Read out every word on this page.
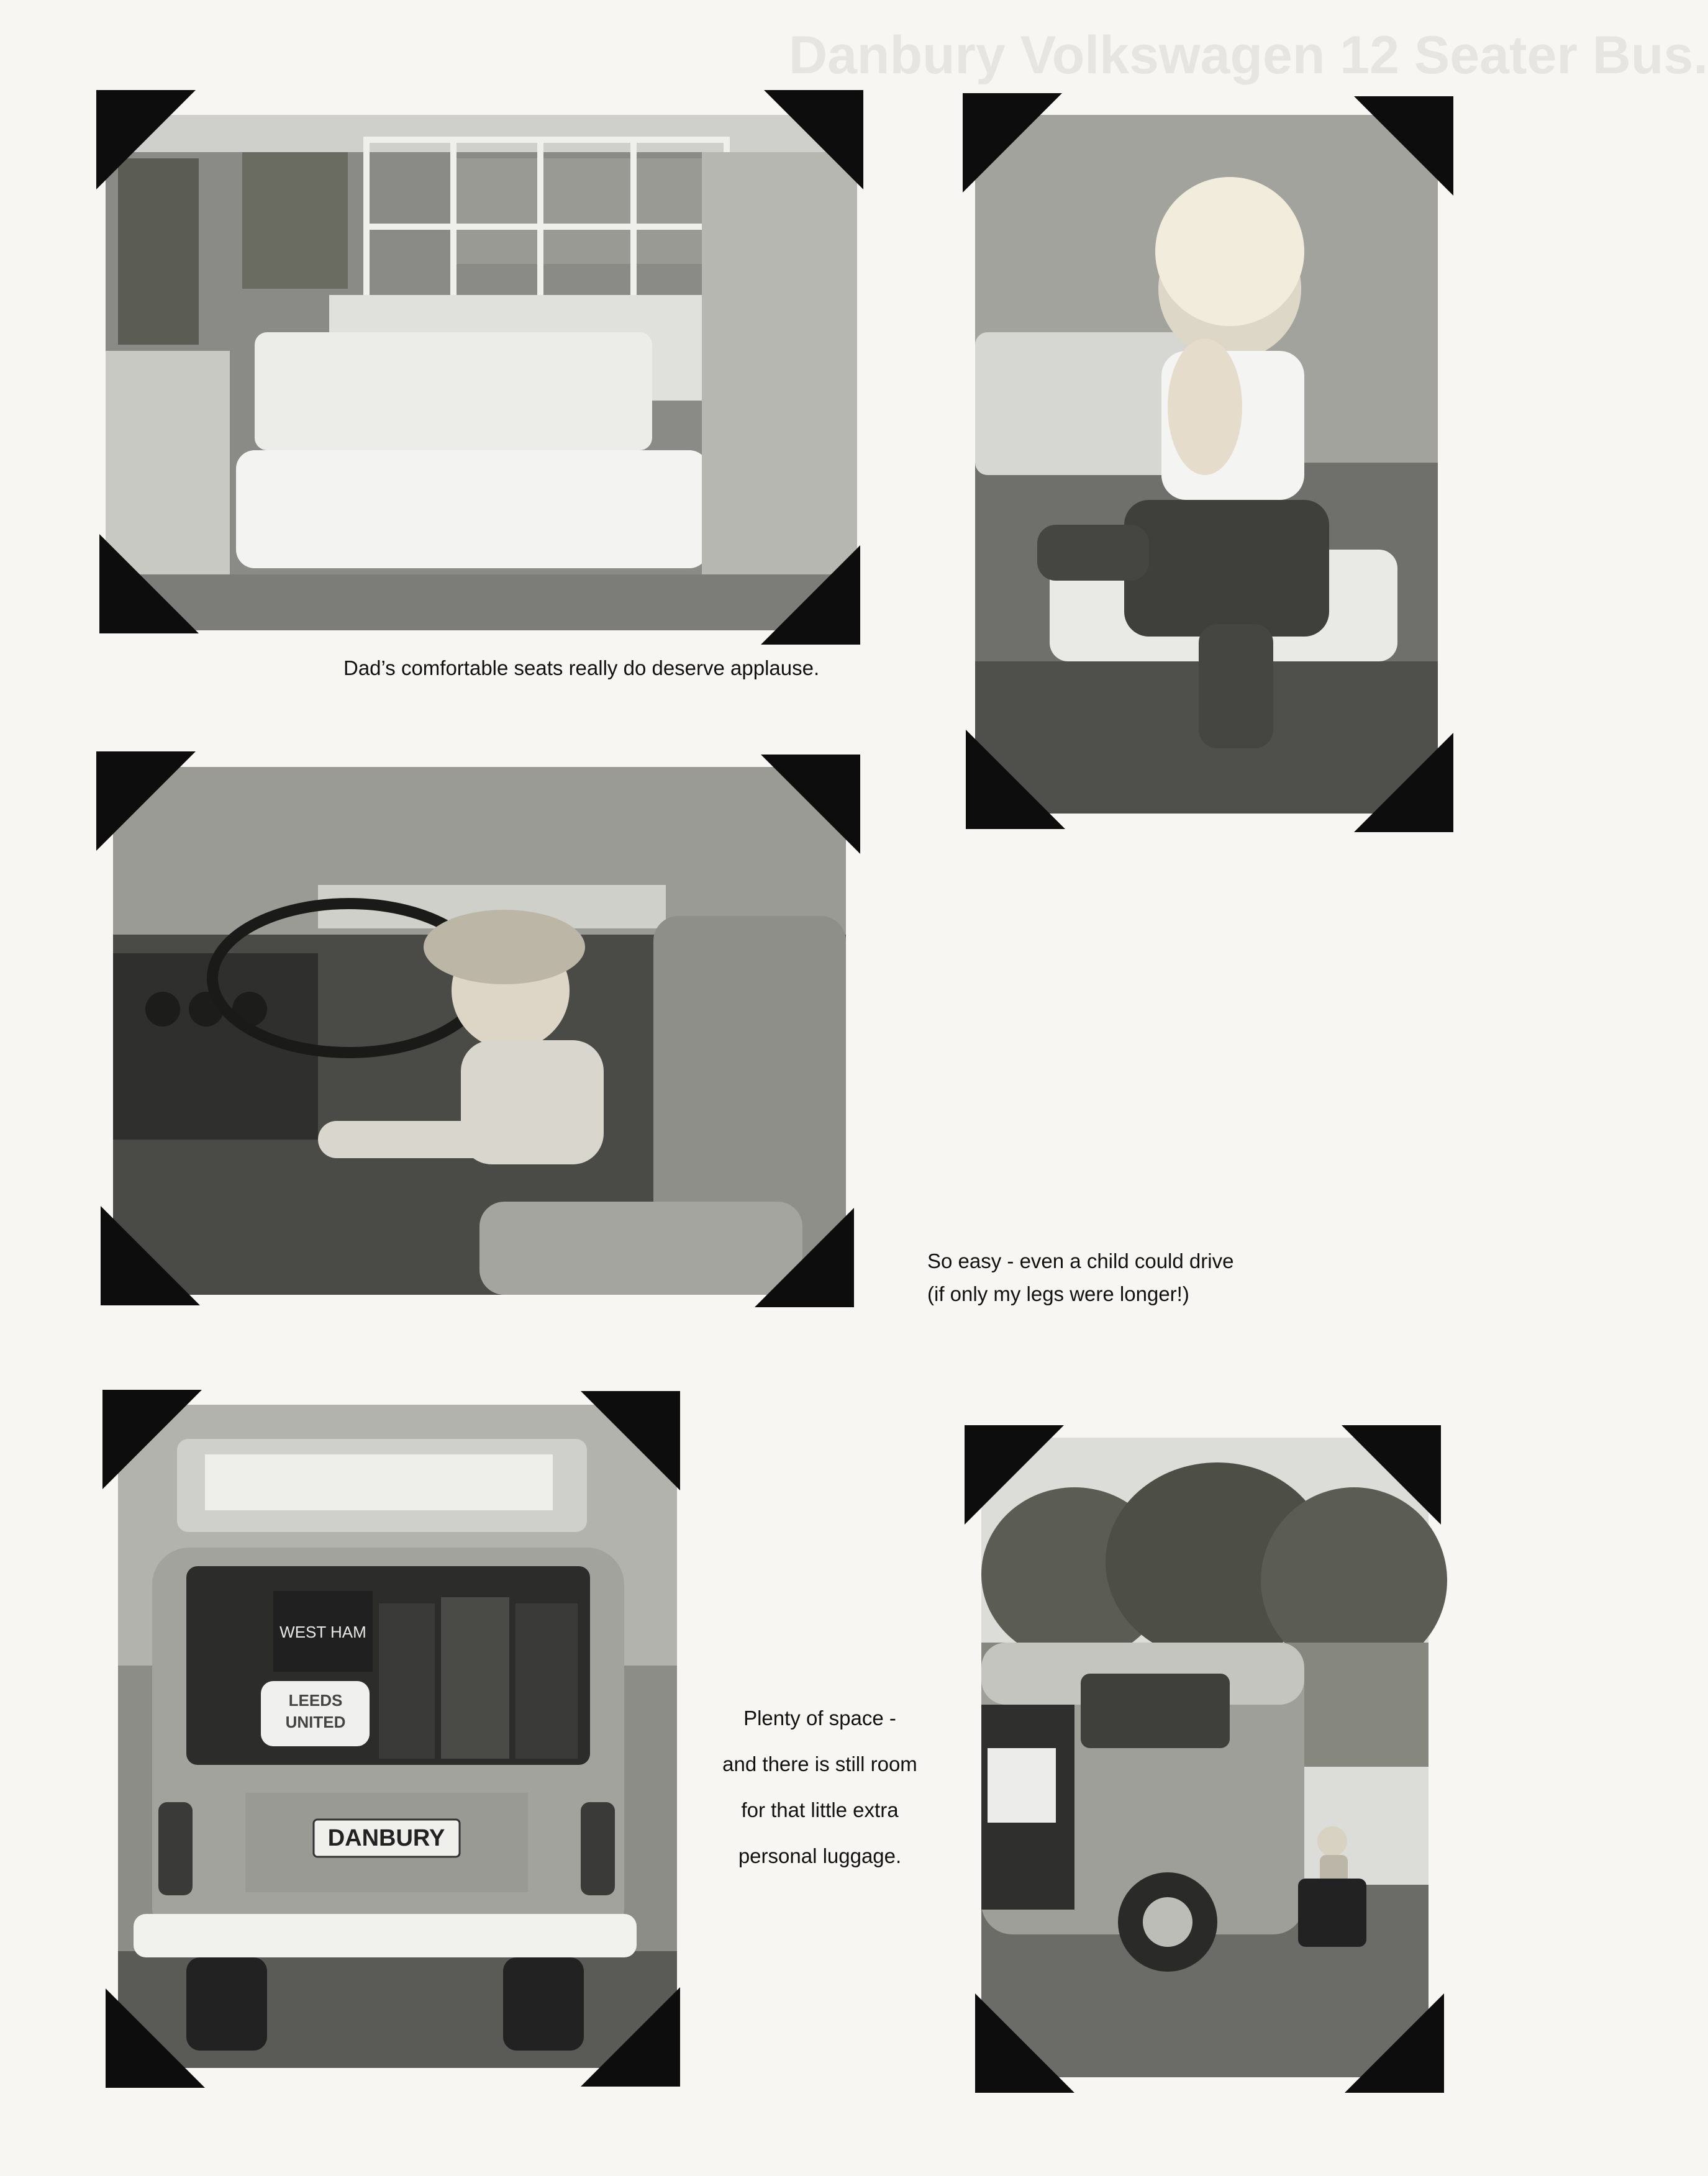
Danbury Volkswagen 12 Seater Bus.
Dad’s comfortable seats really do deserve applause.

So easy - even a child could drive

(if only my legs were longer!)

WEST HAM
LEEDS
UNITED
DANBURY

Plenty of space -

and there is still room

for that little extra

personal luggage.
